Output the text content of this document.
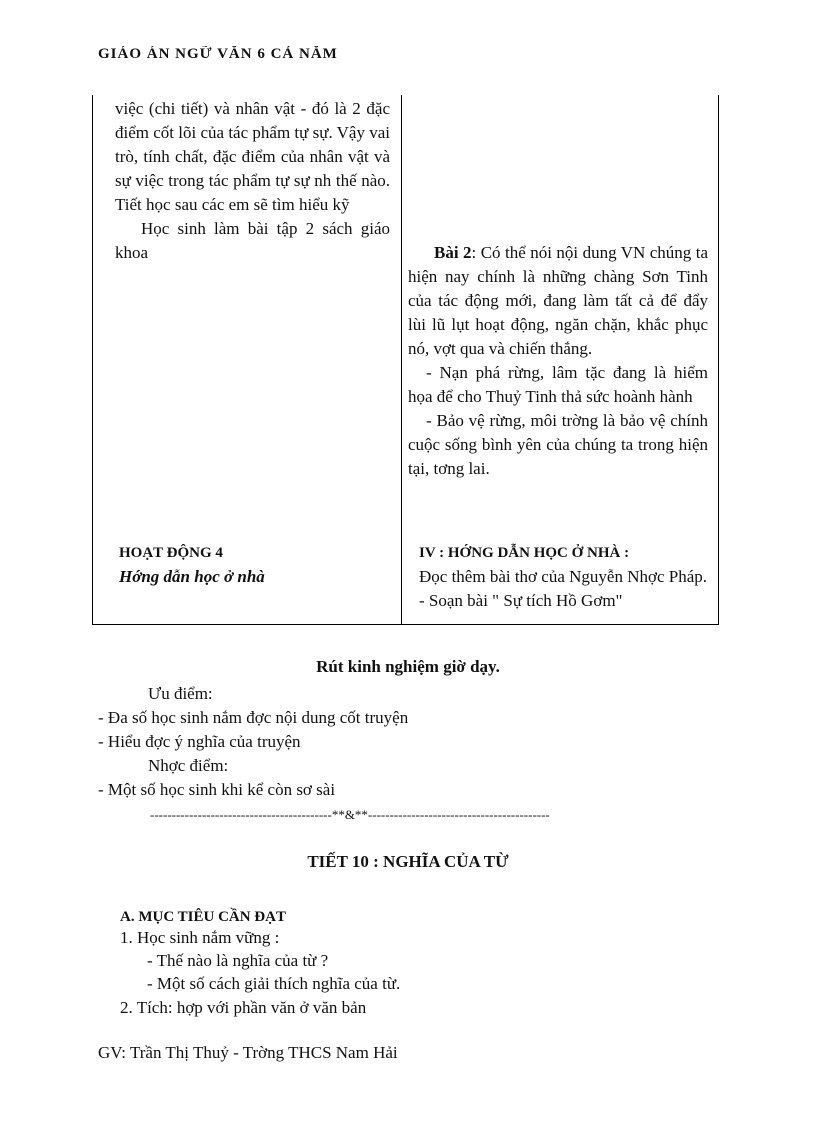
GIÁO ÁN NGỮ VĂN 6 CẢ NĂM

việc (chi tiết) và nhân vật - đó là 2 đặc điểm cốt lõi của tác phẩm tự sự. Vậy vai trò, tính chất, đặc điểm của nhân vật và sự việc trong tác phẩm tự sự nh thế nào. Tiết học sau các em sẽ tìm hiểu kỹ

Học sinh làm bài tập 2 sách giáo khoa	Bài 2: Có thể nói nội dung VN chúng ta hiện nay chính là những chàng Sơn Tinh của tác động mới, đang làm tất cả để đẩy lùi lũ lụt hoạt động, ngăn chặn, khắc phục nó, vợt qua và chiến thắng.

- Nạn phá rừng, lâm tặc đang là hiểm họa để cho Thuỷ Tinh thả sức hoành hành

- Bảo vệ rừng, môi trờng là bảo vệ chính cuộc sống bình yên của chúng ta trong hiện tại, tơng lai.

HOẠT ĐỘNG 4
Hớng dẫn học ở nhà
IV : HỚNG DẪN HỌC Ở NHÀ :
Đọc thêm bài thơ của Nguyễn Nhợc Pháp.
- Soạn bài " Sự tích Hồ Gơm"
Rút kinh nghiệm giờ dạy.
Ưu điểm:
- Đa số học sinh nắm đợc nội dung cốt truyện
- Hiểu đợc ý nghĩa của truyện
Nhợc điểm:
- Một số học sinh khi kể còn sơ sài
------------------------------------------**&**------------------------------------------
TIẾT 10 : NGHĨA CỦA TỪ
A. MỤC TIÊU CẦN ĐẠT
1. Học sinh nắm vững :
- Thế nào là nghĩa của từ ?
- Một số cách giải thích nghĩa của từ.
2. Tích: hợp với phần văn ở văn bản
GV: Trần Thị Thuỷ - Trờng THCS Nam Hải
